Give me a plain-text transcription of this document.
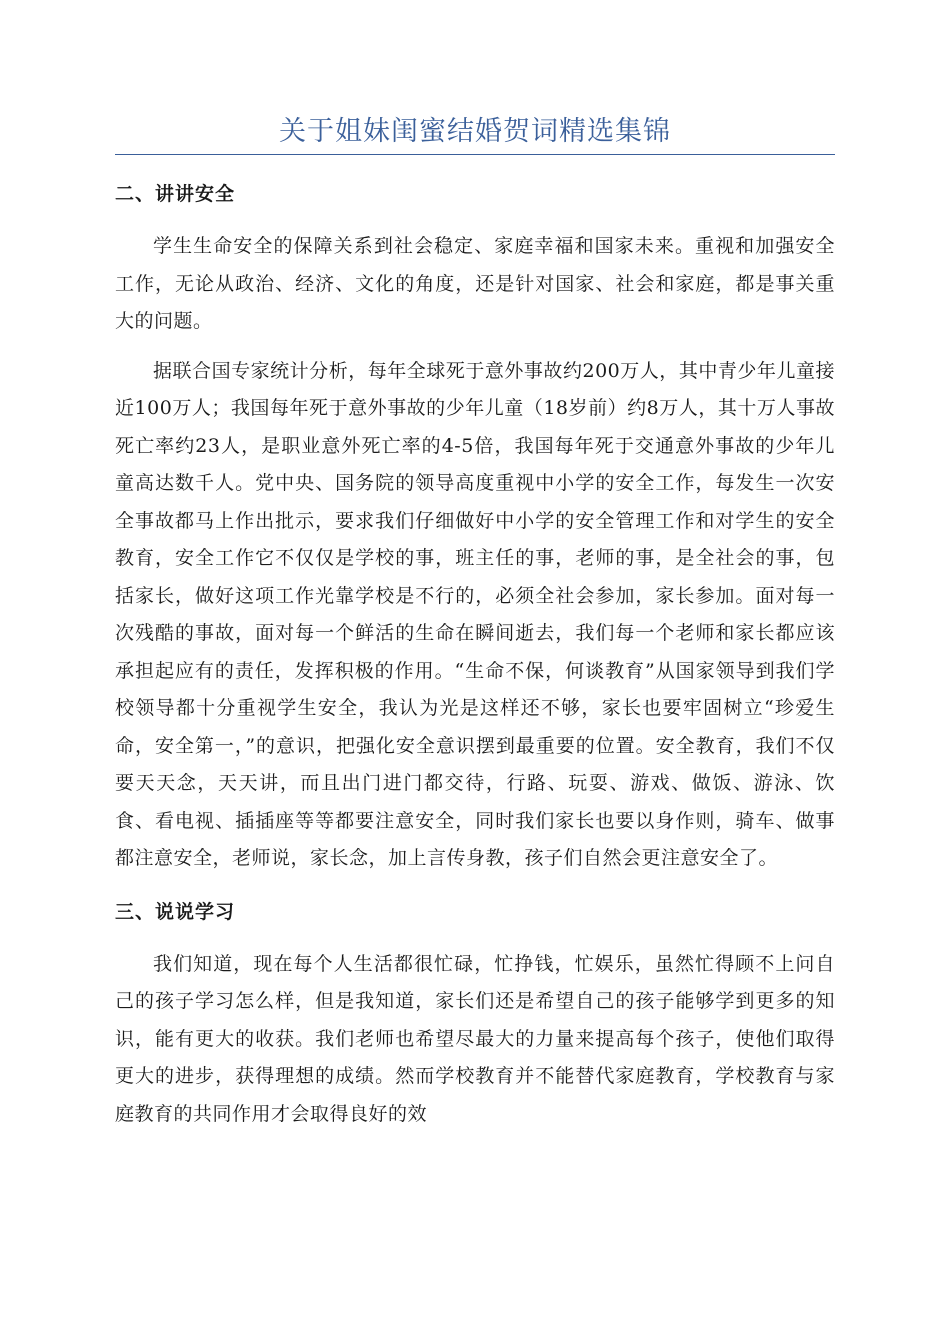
关于姐妹闺蜜结婚贺词精选集锦
二、讲讲安全

学生生命安全的保障关系到社会稳定、家庭幸福和国家未来。重视和加强安全工作，无论从政治、经济、文化的角度，还是针对国家、社会和家庭，都是事关重大的问题。

据联合国专家统计分析，每年全球死于意外事故约200万人，其中青少年儿童接近100万人；我国每年死于意外事故的少年儿童（18岁前）约8万人，其十万人事故死亡率约23人，是职业意外死亡率的4-5倍，我国每年死于交通意外事故的少年儿童高达数千人。党中央、国务院的领导高度重视中小学的安全工作，每发生一次安全事故都马上作出批示，要求我们仔细做好中小学的安全管理工作和对学生的安全教育，安全工作它不仅仅是学校的事，班主任的事，老师的事，是全社会的事，包括家长，做好这项工作光靠学校是不行的，必须全社会参加，家长参加。面对每一次残酷的事故，面对每一个鲜活的生命在瞬间逝去，我们每一个老师和家长都应该承担起应有的责任，发挥积极的作用。“生命不保，何谈教育”从国家领导到我们学校领导都十分重视学生安全，我认为光是这样还不够，家长也要牢固树立“珍爱生命，安全第一，”的意识，把强化安全意识摆到最重要的位置。安全教育，我们不仅要天天念，天天讲，而且出门进门都交待，行路、玩耍、游戏、做饭、游泳、饮食、看电视、插插座等等都要注意安全，同时我们家长也要以身作则，骑车、做事都注意安全，老师说，家长念，加上言传身教，孩子们自然会更注意安全了。

三、说说学习

我们知道，现在每个人生活都很忙碌，忙挣钱，忙娱乐，虽然忙得顾不上问自己的孩子学习怎么样，但是我知道，家长们还是希望自己的孩子能够学到更多的知识，能有更大的收获。我们老师也希望尽最大的力量来提高每个孩子，使他们取得更大的进步，获得理想的成绩。然而学校教育并不能替代家庭教育，学校教育与家庭教育的共同作用才会取得良好的效
